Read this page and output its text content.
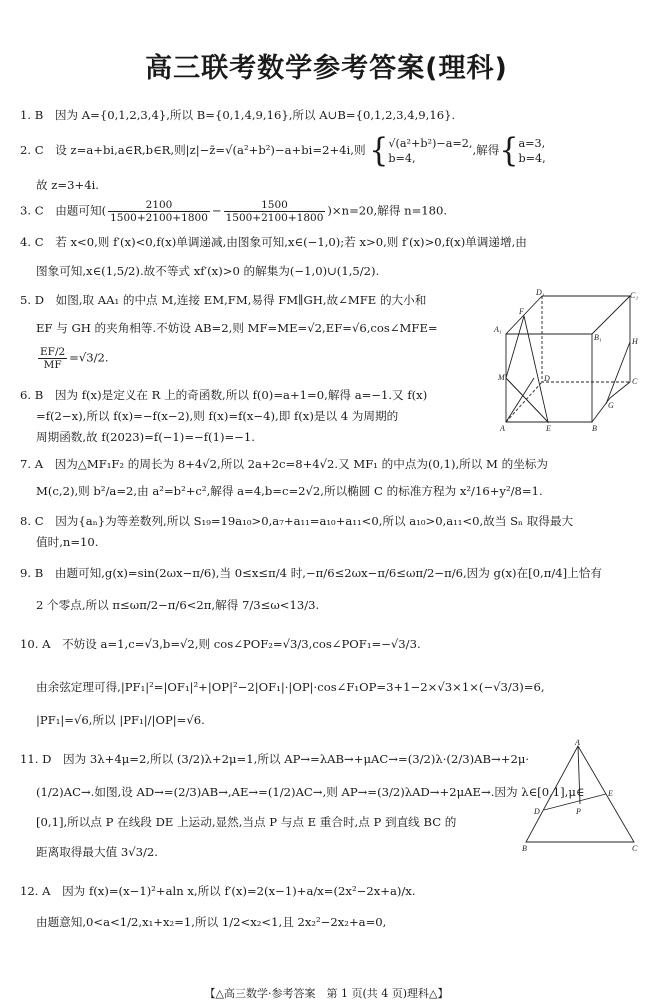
高三联考数学参考答案(理科)
1. B　因为 A={0,1,2,3,4},所以 B={0,1,4,9,16},所以 A∪B={0,1,2,3,4,9,16}.
2. C　设 z=a+bi,a∈R,b∈R,则|z|−z̄=√(a²+b²)−a+bi=2+4i,则 {√(a²+b²)−a=2,
b=4,,解得{a=3,
b=4,
故 z=3+4i.
3. C　由题可知( $\frac{2100}{1500+2100+1800} - \frac{1500}{1500+2100+1800} )\times n=20$,解得 n=180.
4. C　若 x<0,则 f′(x)<0,f(x)单调递减,由图象可知,x∈(−1,0);若 x>0,则 f′(x)>0,f(x)单调递增,由
图象可知,x∈(1,5/2).故不等式 xf′(x)>0 的解集为(−1,0)∪(1,5/2).
5. D　如图,取 AA₁ 的中点 M,连接 EM,FM,易得 FM∥GH,故∠MFE 的大小和
EF 与 GH 的夹角相等.不妨设 AB=2,则 MF=ME=√2,EF=√6,cos∠MFE=
$\frac{EF/2}{MF} =√3/2$.
6. B　因为 f(x)是定义在 R 上的奇函数,所以 f(0)=a+1=0,解得 a=−1.又 f(x)
=f(2−x),所以 f(x)=−f(x−2),则 f(x)=f(x−4),即 f(x)是以 4 为周期的
周期函数,故 f(2023)=f(−1)=−f(1)=−1.
7. A　因为△MF₁F₂ 的周长为 8+4√2,所以 2a+2c=8+4√2.又 MF₁ 的中点为(0,1),所以 M 的坐标为
M(c,2),则 b²/a=2,由 a²=b²+c²,解得 a=4,b=c=2√2,所以椭圆 C 的标准方程为 x²/16+y²/8=1.
8. C　因为{aₙ}为等差数列,所以 S₁₉=19a₁₀>0,a₇+a₁₁=a₁₀+a₁₁<0,所以 a₁₀>0,a₁₁<0,故当 Sₙ 取得最大
值时,n=10.
9. B　由题可知,g(x)=sin(2ωx−π/6),当 0≤x≤π/4 时,−π/6≤2ωx−π/6≤ωπ/2−π/6,因为 g(x)在[0,π/4]上恰有
2 个零点,所以 π≤ωπ/2−π/6<2π,解得 7/3≤ω<13/3.
10. A　不妨设 a=1,c=√3,b=√2,则 cos∠POF₂=√3/3,cos∠POF₁=−√3/3.
由余弦定理可得,|PF₁|²=|OF₁|²+|OP|²−2|OF₁|·|OP|·cos∠F₁OP=3+1−2×√3×1×(−√3/3)=6,
|PF₁|=√6,所以 |PF₁|/|OP|=√6.
11. D　因为 3λ+4μ=2,所以 (3/2)λ+2μ=1,所以 AP→=λAB→+μAC→=(3/2)λ·(2/3)AB→+2μ·
(1/2)AC→.如图,设 AD→=(2/3)AB→,AE→=(1/2)AC→,则 AP→=(3/2)λAD→+2μAE→.因为 λ∈[0,1],μ∈
[0,1],所以点 P 在线段 DE 上运动,显然,当点 P 与点 E 重合时,点 P 到直线 BC 的
距离取得最大值 3√3/2.
12. A　因为 f(x)=(x−1)²+aln x,所以 f′(x)=2(x−1)+a/x=(2x²−2x+a)/x.
由题意知,0<a<1/2,x₁+x₂=1,所以 1/2<x₂<1,且 2x₂²−2x₂+a=0,
【△高三数学·参考答案　第 1 页(共 4 页)理科△】
D₁	C₁
A₁
B₁
F
H
M	D	C
G
A	E	B
A
D
E
P
B	C
